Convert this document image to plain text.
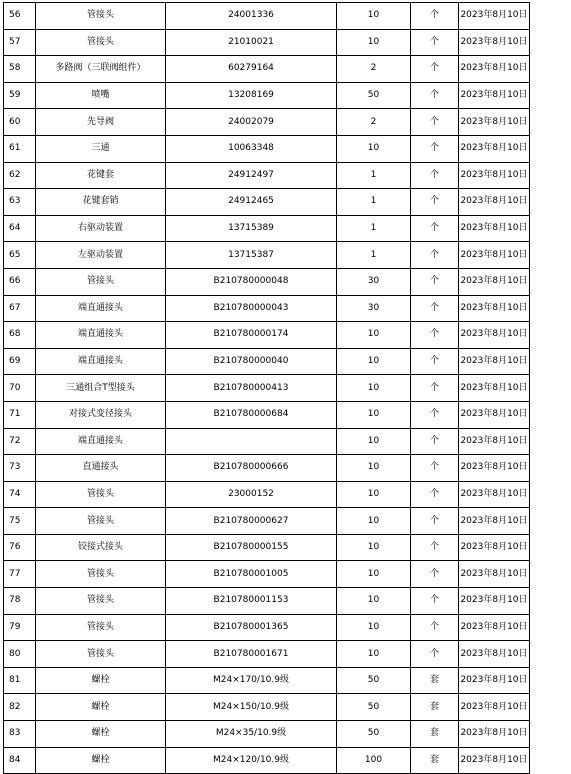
56	管接头	24001336	10	个	2023年8月10日	
57	管接头	21010021	10	个	2023年8月10日	
58	多路阀（三联阀组件）	60279164	2	个	2023年8月10日	
59	喷嘴	13208169	50	个	2023年8月10日	
60	先导阀	24002079	2	个	2023年8月10日	
61	三通	10063348	10	个	2023年8月10日	
62	花键套	24912497	1	个	2023年8月10日	
63	花键套销	24912465	1	个	2023年8月10日	
64	右驱动装置	13715389	1	个	2023年8月10日	
65	左驱动装置	13715387	1	个	2023年8月10日	
66	管接头	B210780000048	30	个	2023年8月10日	
67	端直通接头	B210780000043	30	个	2023年8月10日	
68	端直通接头	B210780000174	10	个	2023年8月10日	
69	端直通接头	B210780000040	10	个	2023年8月10日	
70	三通组合T型接头	B210780000413	10	个	2023年8月10日	
71	对接式变径接头	B210780000684	10	个	2023年8月10日	
72	端直通接头		10	个	2023年8月10日	
73	直通接头	B210780000666	10	个	2023年8月10日	
74	管接头	23000152	10	个	2023年8月10日	
75	管接头	B210780000627	10	个	2023年8月10日	
76	铰接式接头	B210780000155	10	个	2023年8月10日	
77	管接头	B210780001005	10	个	2023年8月10日	
78	管接头	B210780001153	10	个	2023年8月10日	
79	管接头	B210780001365	10	个	2023年8月10日	
80	管接头	B210780001671	10	个	2023年8月10日	
81	螺栓	M24×170/10.9级	50	套	2023年8月10日	
82	螺栓	M24×150/10.9级	50	套	2023年8月10日	
83	螺栓	M24×35/10.9级	50	套	2023年8月10日	
84	螺栓	M24×120/10.9级	100	套	2023年8月10日	
